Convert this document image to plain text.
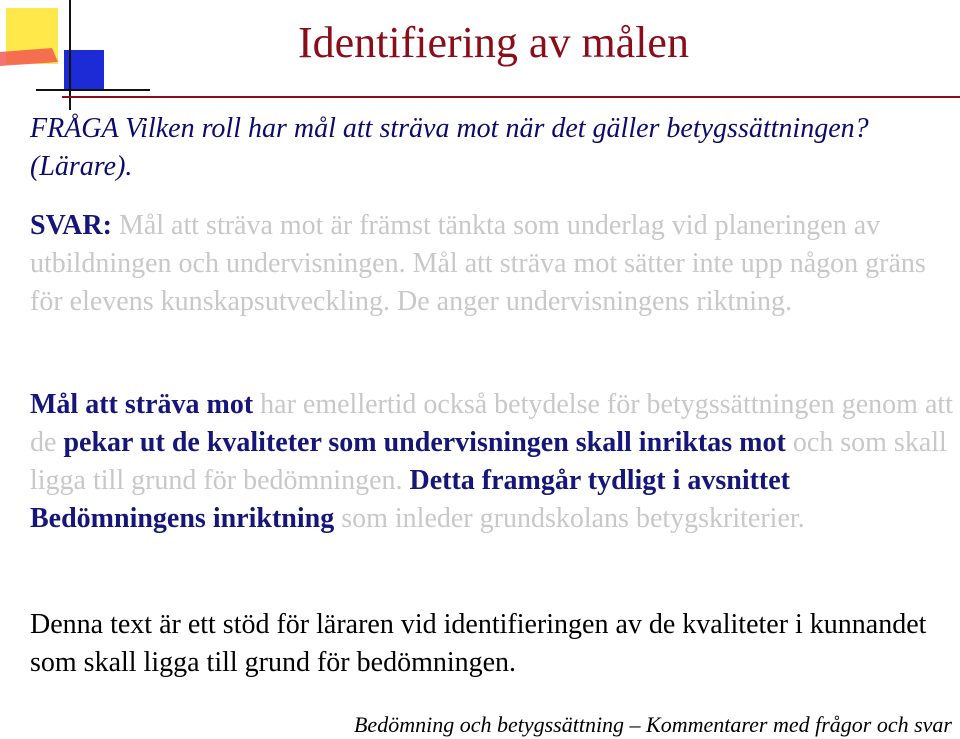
Identifiering av målen

FRÅGA Vilken roll har mål att sträva mot när det gäller betygssättningen? (Lärare).

SVAR: Mål att sträva mot är främst tänkta som underlag vid planeringen av utbildningen och undervisningen. Mål att sträva mot sätter inte upp någon gräns för elevens kunskapsutveckling. De anger undervisningens riktning.

Mål att sträva mot har emellertid också betydelse för betygssättningen genom att de pekar ut de kvaliteter som undervisningen skall inriktas mot och som skall ligga till grund för bedömningen. Detta framgår tydligt i avsnittet Bedömningens inriktning som inleder grundskolans betygskriterier.

Denna text är ett stöd för läraren vid identifieringen av de kvaliteter i kunnandet som skall ligga till grund för bedömningen.

Bedömning och betygssättning – Kommentarer med frågor och svar
